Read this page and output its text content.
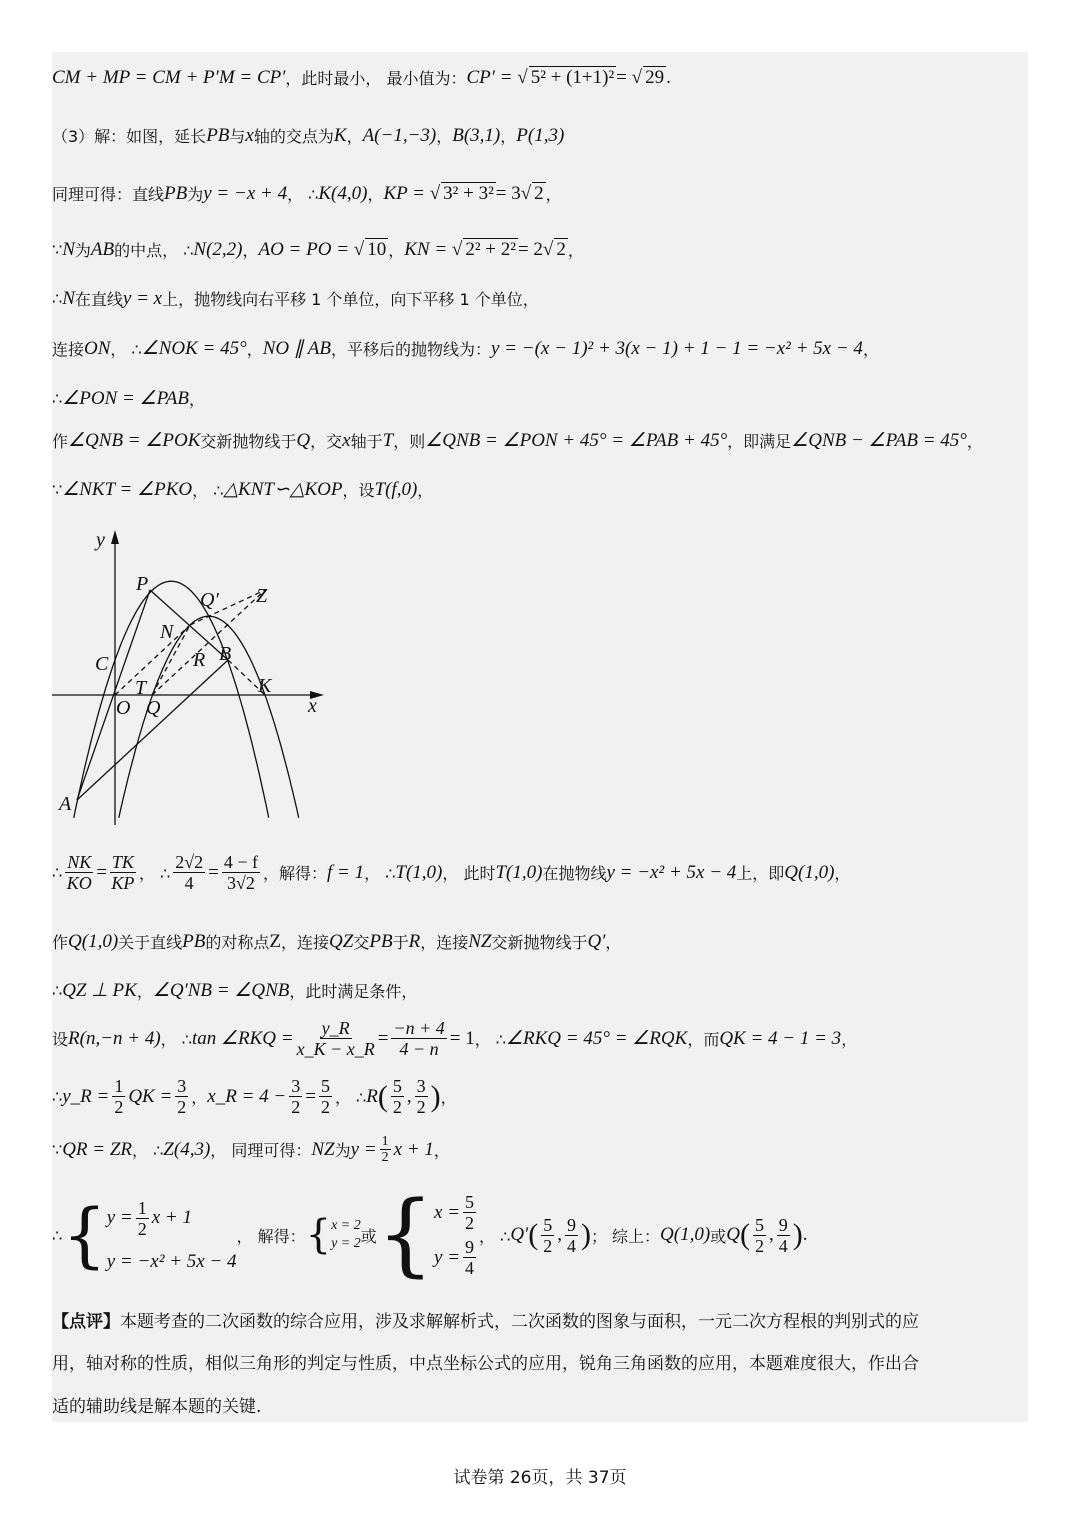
CM + MP = CM + P′M = CP′ ，此时最小， 最小值为： CP′ = √ 5² + (1+1)² = √ 29 .
（3）解：如图，延长 PB 与 x 轴的交点为 K ， A(−1,−3) ， B(3,1) ， P(1,3)
同理可得：直线 PB 为 y = −x + 4 ， ∴ K(4,0) ， KP = √ 3² + 3² = 3√ 2 ，
∵ N 为 AB 的中点， ∴ N(2,2) ， AO = PO = √ 10 ， KN = √ 2² + 2² = 2√ 2 ，
∴ N 在直线 y = x 上，抛物线向右平移 1 个单位，向下平移 1 个单位，
连接 ON ， ∴ ∠NOK = 45° ， NO ∥ AB ，平移后的抛物线为： y = −(x − 1)² + 3(x − 1) + 1 − 1 = −x² + 5x − 4 ，
∴ ∠PON = ∠PAB ，
作 ∠QNB = ∠POK 交新抛物线于 Q ，交 x 轴于 T ，则 ∠QNB = ∠PON + 45° = ∠PAB + 45° ，即满足 ∠QNB − ∠PAB = 45° ，
∵ ∠NKT = ∠PKO ， ∴ △KNT∽△KOP ，设 T(f,0) ，
y
x
P
Q′ Z
N
R B
C
T
O Q
K
A
∴ $\frac{NK}{KO} = \frac{TK}{KP}$ ， ∴ $\frac{2√2}{4} = \frac{4 - f}{3√2}$ ，解得： f = 1 ， ∴ T(1,0) ， 此时 T(1,0) 在抛物线 y = −x² + 5x − 4 上，即 Q(1,0) ，
作 Q(1,0) 关于直线 PB 的对称点 Z ，连接 QZ 交 PB 于 R ，连接 NZ 交新抛物线于 Q′ ，
∴ QZ ⊥ PK ， ∠Q′NB = ∠QNB ，此时满足条件，
设 R(n,−n + 4) ， ∴ tan ∠RKQ = $\frac{y\_R}{x\_K - x\_R} = \frac{-n + 4}{4 - n} = 1$ ， ∴ ∠RKQ = 45° = ∠RQK ，而 QK = 4 − 1 = 3 ，
∴ y_R = $\frac{1}{2}$ QK = $\frac{3}{2}$ ， x_R = $4 - \frac{3}{2} = \frac{5}{2}$ ， ∴ R ( $\frac{5}{2}$ , $\frac{3}{2}$ ) ，
∵ QR = ZR ， ∴ Z(4,3) ， 同理可得： NZ 为 $y = \frac{1}{2}$ x + 1 ，
∴ { $y = \frac{1}{2}$ x + 1
y = −x² + 5x − 4
， 解得： { x = 2
y = 2 或 { $x = \frac{5}{2}$
$y = \frac{9}{4}$
， ∴ Q′ ( $\frac{5}{2}$ , $\frac{9}{4}$ ) ； 综上： Q(1,0) 或 Q ( $\frac{5}{2}$ , $\frac{9}{4}$ ) .
【点评】 本题考查的二次函数的综合应用，涉及求解解析式，二次函数的图象与面积，一元二次方程根的判别式的应
用，轴对称的性质，相似三角形的判定与性质，中点坐标公式的应用，锐角三角函数的应用，本题难度很大，作出合
适的辅助线是解本题的关键.
试卷第 26页，共 37页
